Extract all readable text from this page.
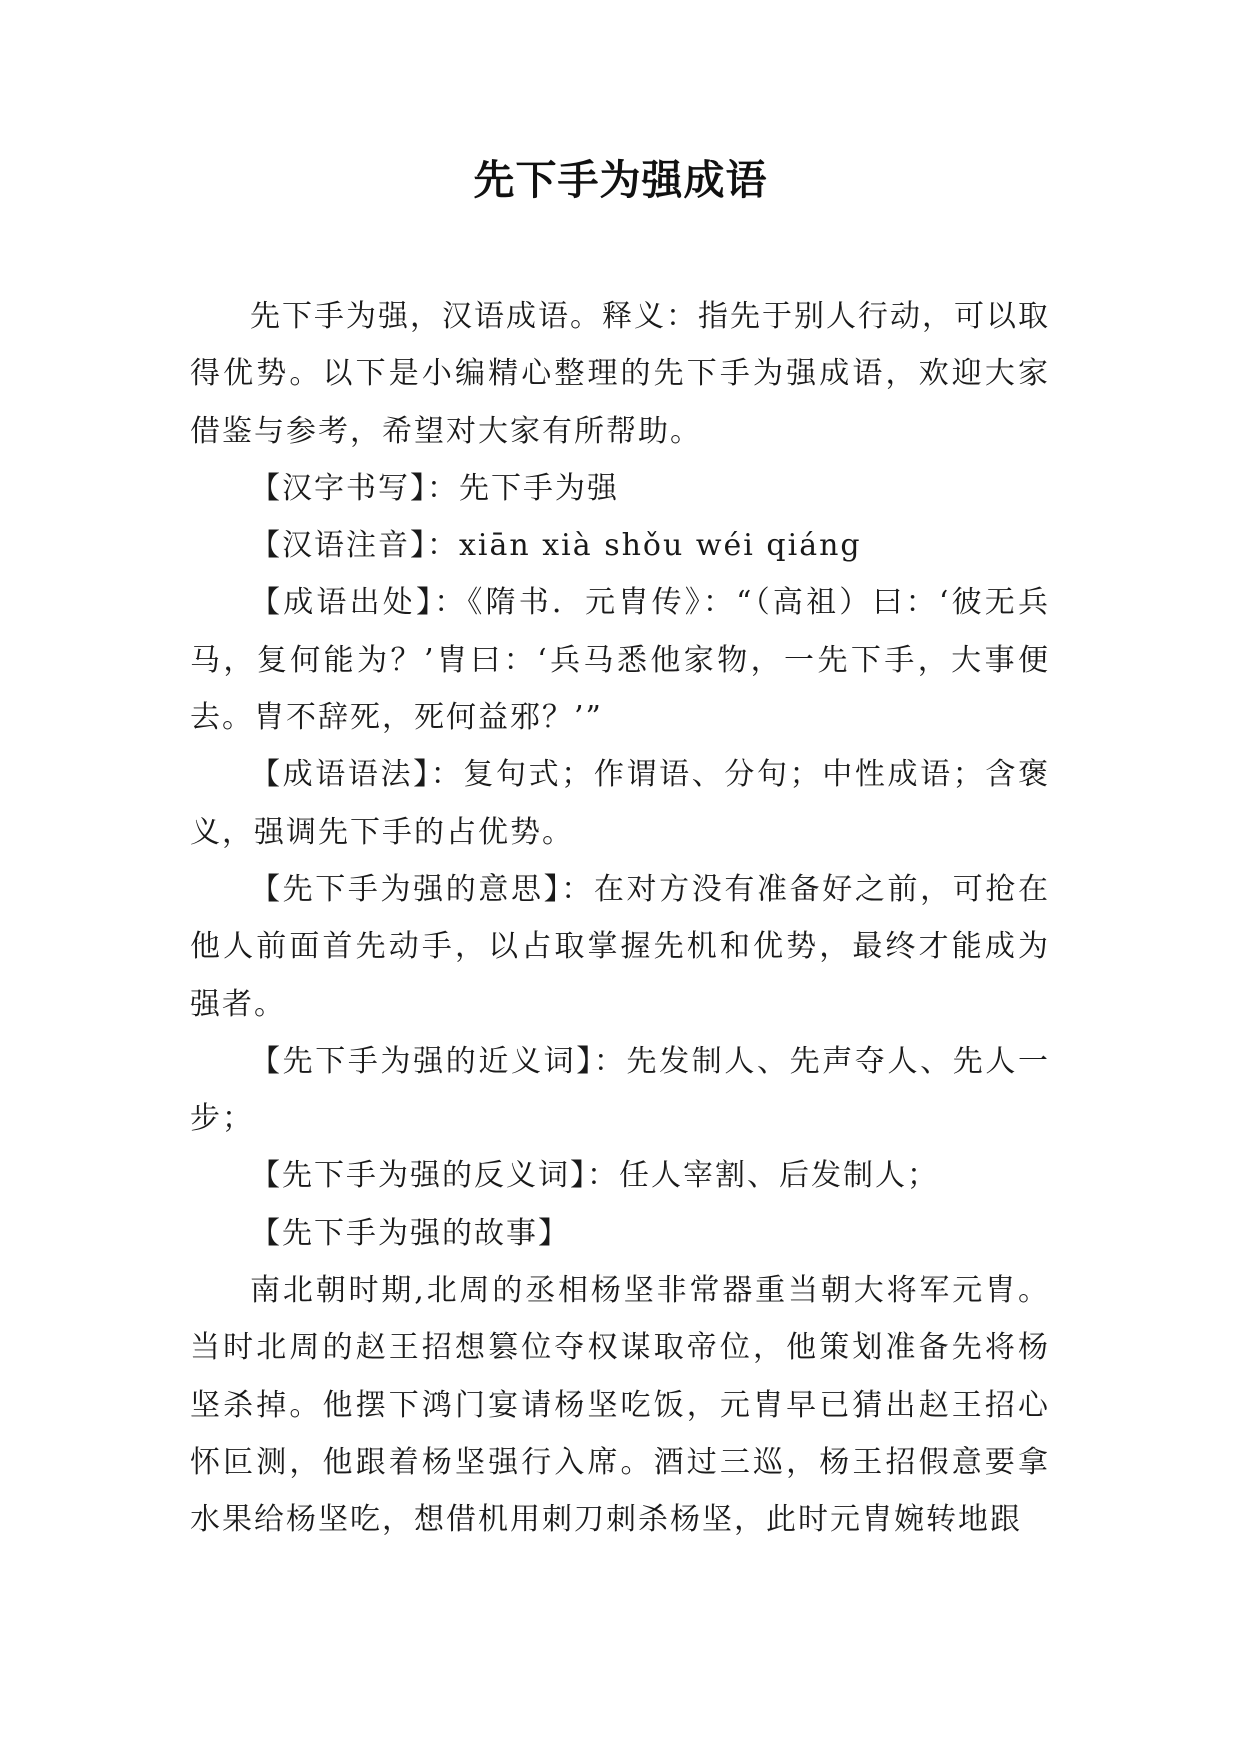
先下手为强成语

先下手为强，汉语成语。释义：指先于别人行动，可以取得优势。以下是小编精心整理的先下手为强成语，欢迎大家借鉴与参考，希望对大家有所帮助。

【汉字书写】：先下手为强

【汉语注音】：xiān xià shǒu wéi qiáng

【成语出处】：《隋书．元胄传》：“（高祖）曰：‘彼无兵马，复何能为？’胄曰：‘兵马悉他家物，一先下手，大事便去。胄不辞死，死何益邪？’”

【成语语法】：复句式；作谓语、分句；中性成语；含褒义，强调先下手的占优势。

【先下手为强的意思】：在对方没有准备好之前，可抢在他人前面首先动手，以占取掌握先机和优势，最终才能成为强者。

【先下手为强的近义词】：先发制人、先声夺人、先人一步；

【先下手为强的反义词】：任人宰割、后发制人；

【先下手为强的故事】

南北朝时期,北周的丞相杨坚非常器重当朝大将军元胄。当时北周的赵王招想篡位夺权谋取帝位，他策划准备先将杨坚杀掉。他摆下鸿门宴请杨坚吃饭，元胄早已猜出赵王招心怀叵测，他跟着杨坚强行入席。酒过三巡，杨王招假意要拿水果给杨坚吃，想借机用刺刀刺杀杨坚，此时元胄婉转地跟
